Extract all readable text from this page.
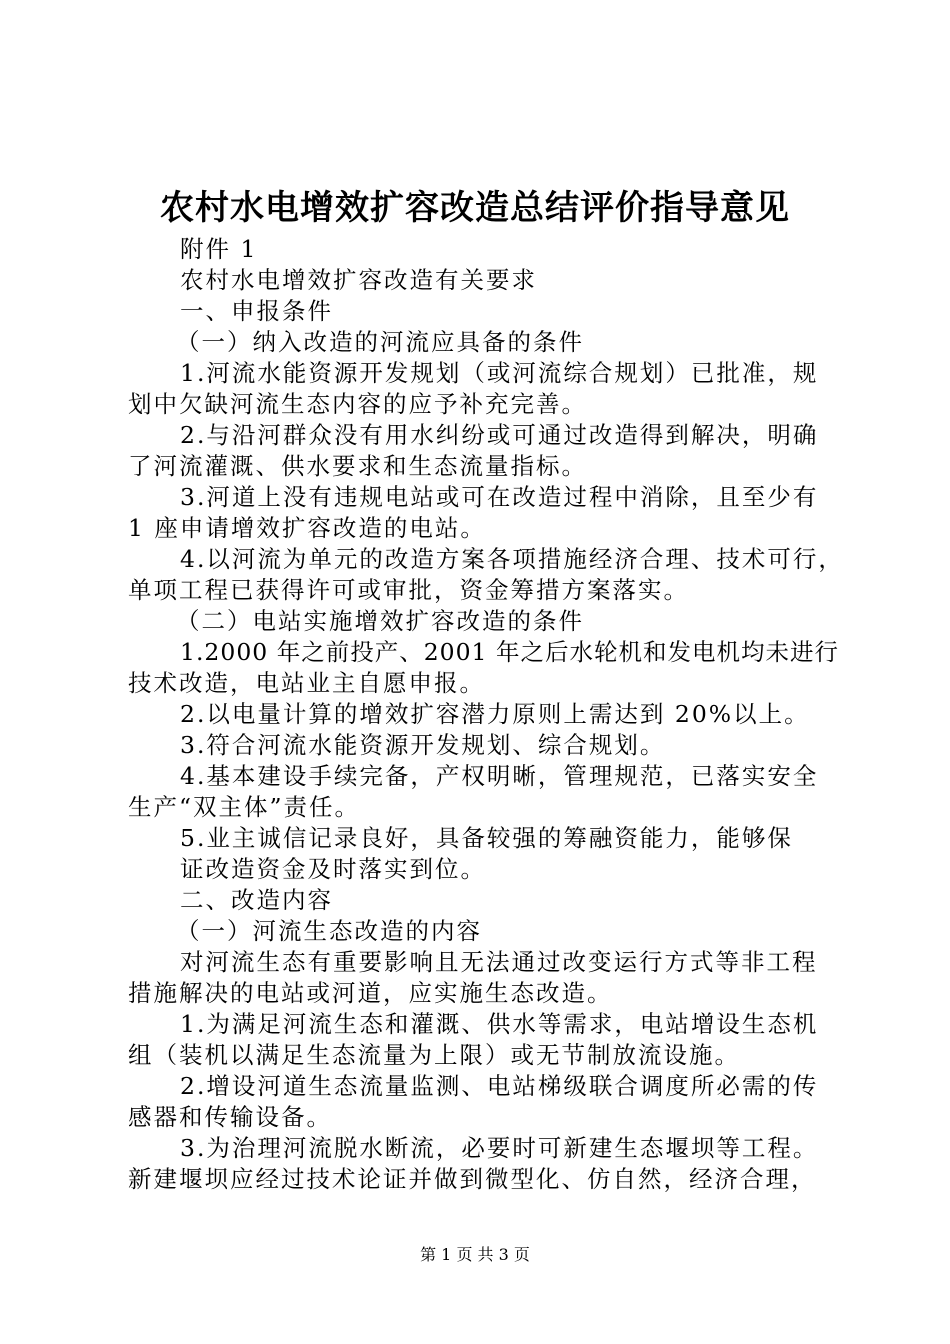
农村水电增效扩容改造总结评价指导意见
附件 1
农村水电增效扩容改造有关要求
一、申报条件
（一）纳入改造的河流应具备的条件
1.河流水能资源开发规划（或河流综合规划）已批准，规
划中欠缺河流生态内容的应予补充完善。
2.与沿河群众没有用水纠纷或可通过改造得到解决，明确
了河流灌溉、供水要求和生态流量指标。
3.河道上没有违规电站或可在改造过程中消除，且至少有
1 座申请增效扩容改造的电站。
4.以河流为单元的改造方案各项措施经济合理、技术可行，
单项工程已获得许可或审批，资金筹措方案落实。
（二）电站实施增效扩容改造的条件
1.2000 年之前投产、2001 年之后水轮机和发电机均未进行
技术改造，电站业主自愿申报。
2.以电量计算的增效扩容潜力原则上需达到 20%以上。
3.符合河流水能资源开发规划、综合规划。
4.基本建设手续完备，产权明晰，管理规范，已落实安全
生产“双主体”责任。
5.业主诚信记录良好，具备较强的筹融资能力，能够保
证改造资金及时落实到位。
二、改造内容
（一）河流生态改造的内容
对河流生态有重要影响且无法通过改变运行方式等非工程
措施解决的电站或河道，应实施生态改造。
1.为满足河流生态和灌溉、供水等需求，电站增设生态机
组（装机以满足生态流量为上限）或无节制放流设施。
2.增设河道生态流量监测、电站梯级联合调度所必需的传
感器和传输设备。
3.为治理河流脱水断流，必要时可新建生态堰坝等工程。
新建堰坝应经过技术论证并做到微型化、仿自然，经济合理，
第 1 页 共 3 页
